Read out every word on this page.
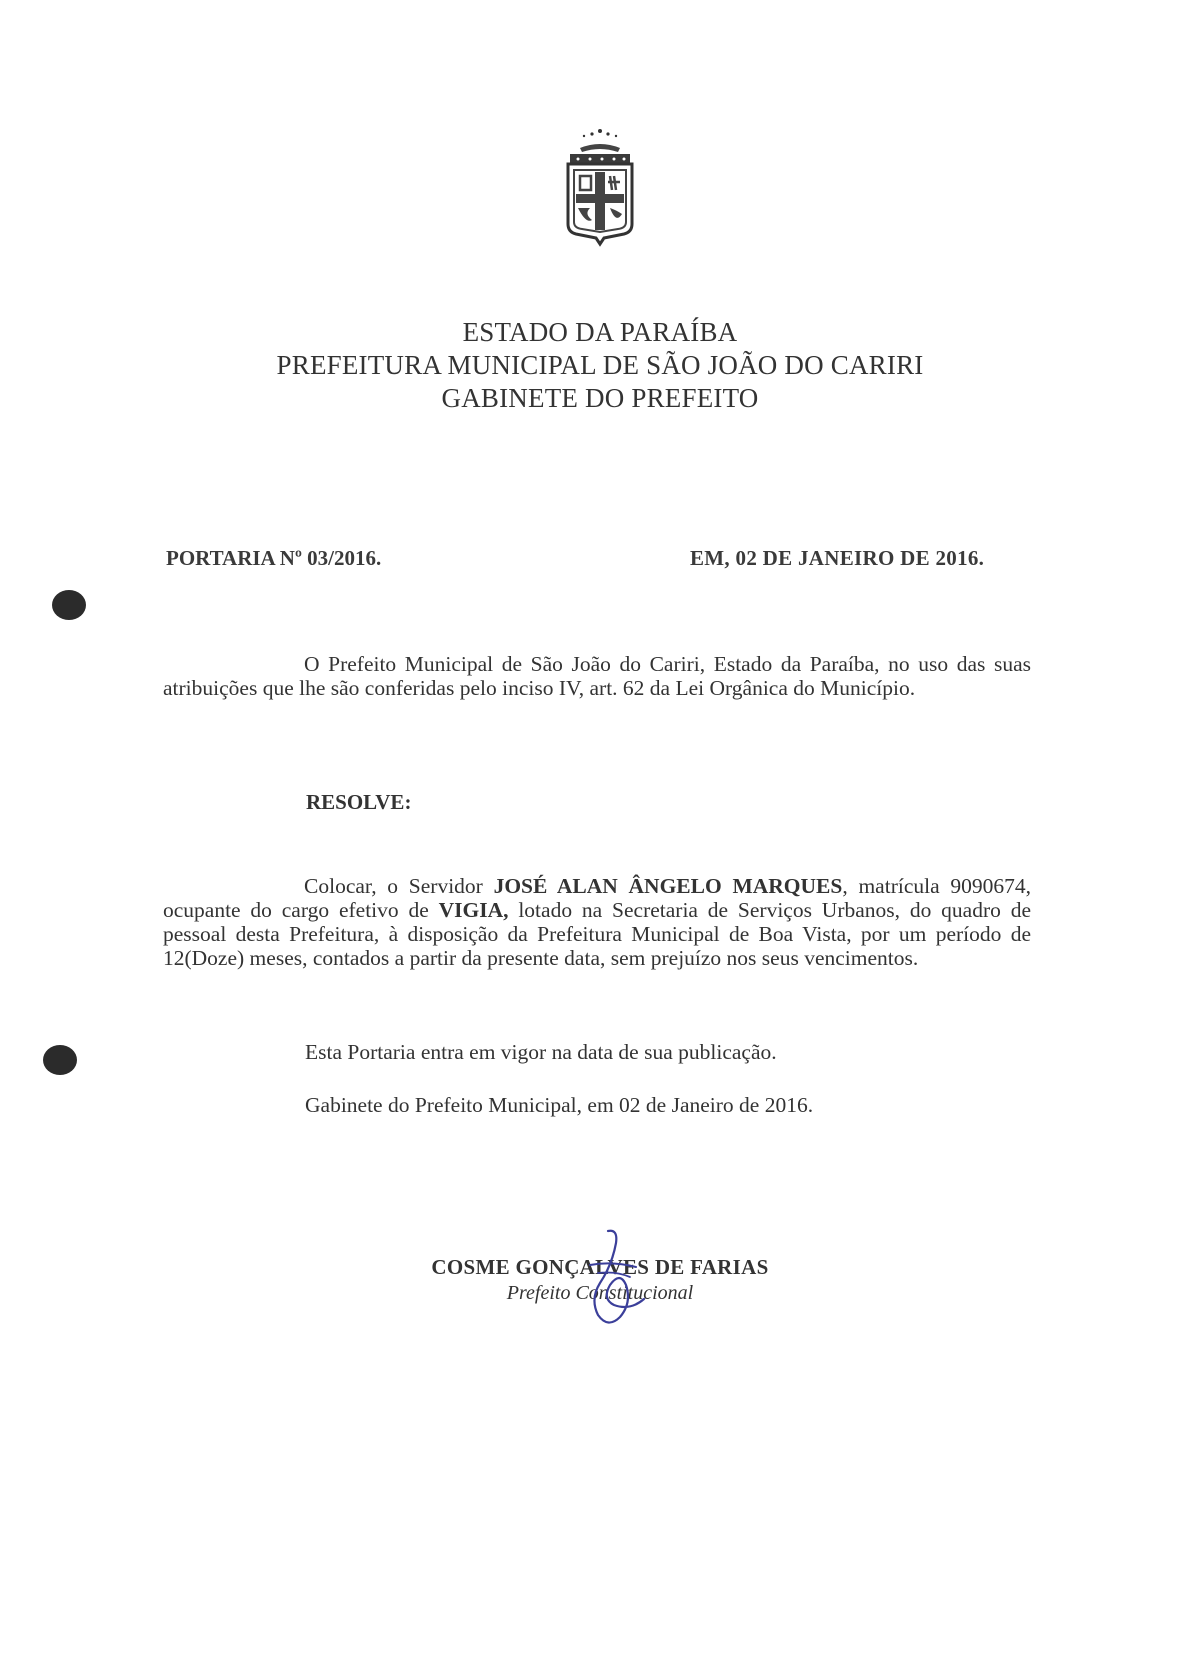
ESTADO DA PARAÍBA
PREFEITURA MUNICIPAL DE SÃO JOÃO DO CARIRI
GABINETE DO PREFEITO
PORTARIA Nº 03/2016.	EM, 02 DE JANEIRO DE 2016.
O Prefeito Municipal de São João do Cariri, Estado da Paraíba, no uso das suas atribuições que lhe são conferidas pelo inciso IV, art. 62 da Lei Orgânica do Município.
RESOLVE:
Colocar, o Servidor JOSÉ ALAN ÂNGELO MARQUES, matrícula 9090674, ocupante do cargo efetivo de VIGIA, lotado na Secretaria de Serviços Urbanos, do quadro de pessoal desta Prefeitura, à disposição da Prefeitura Municipal de Boa Vista, por um período de 12(Doze) meses, contados a partir da presente data, sem prejuízo nos seus vencimentos.
Esta Portaria entra em vigor na data de sua publicação.
Gabinete do Prefeito Municipal, em 02 de Janeiro de 2016.
COSME GONÇALVES DE FARIAS
Prefeito Constitucional
